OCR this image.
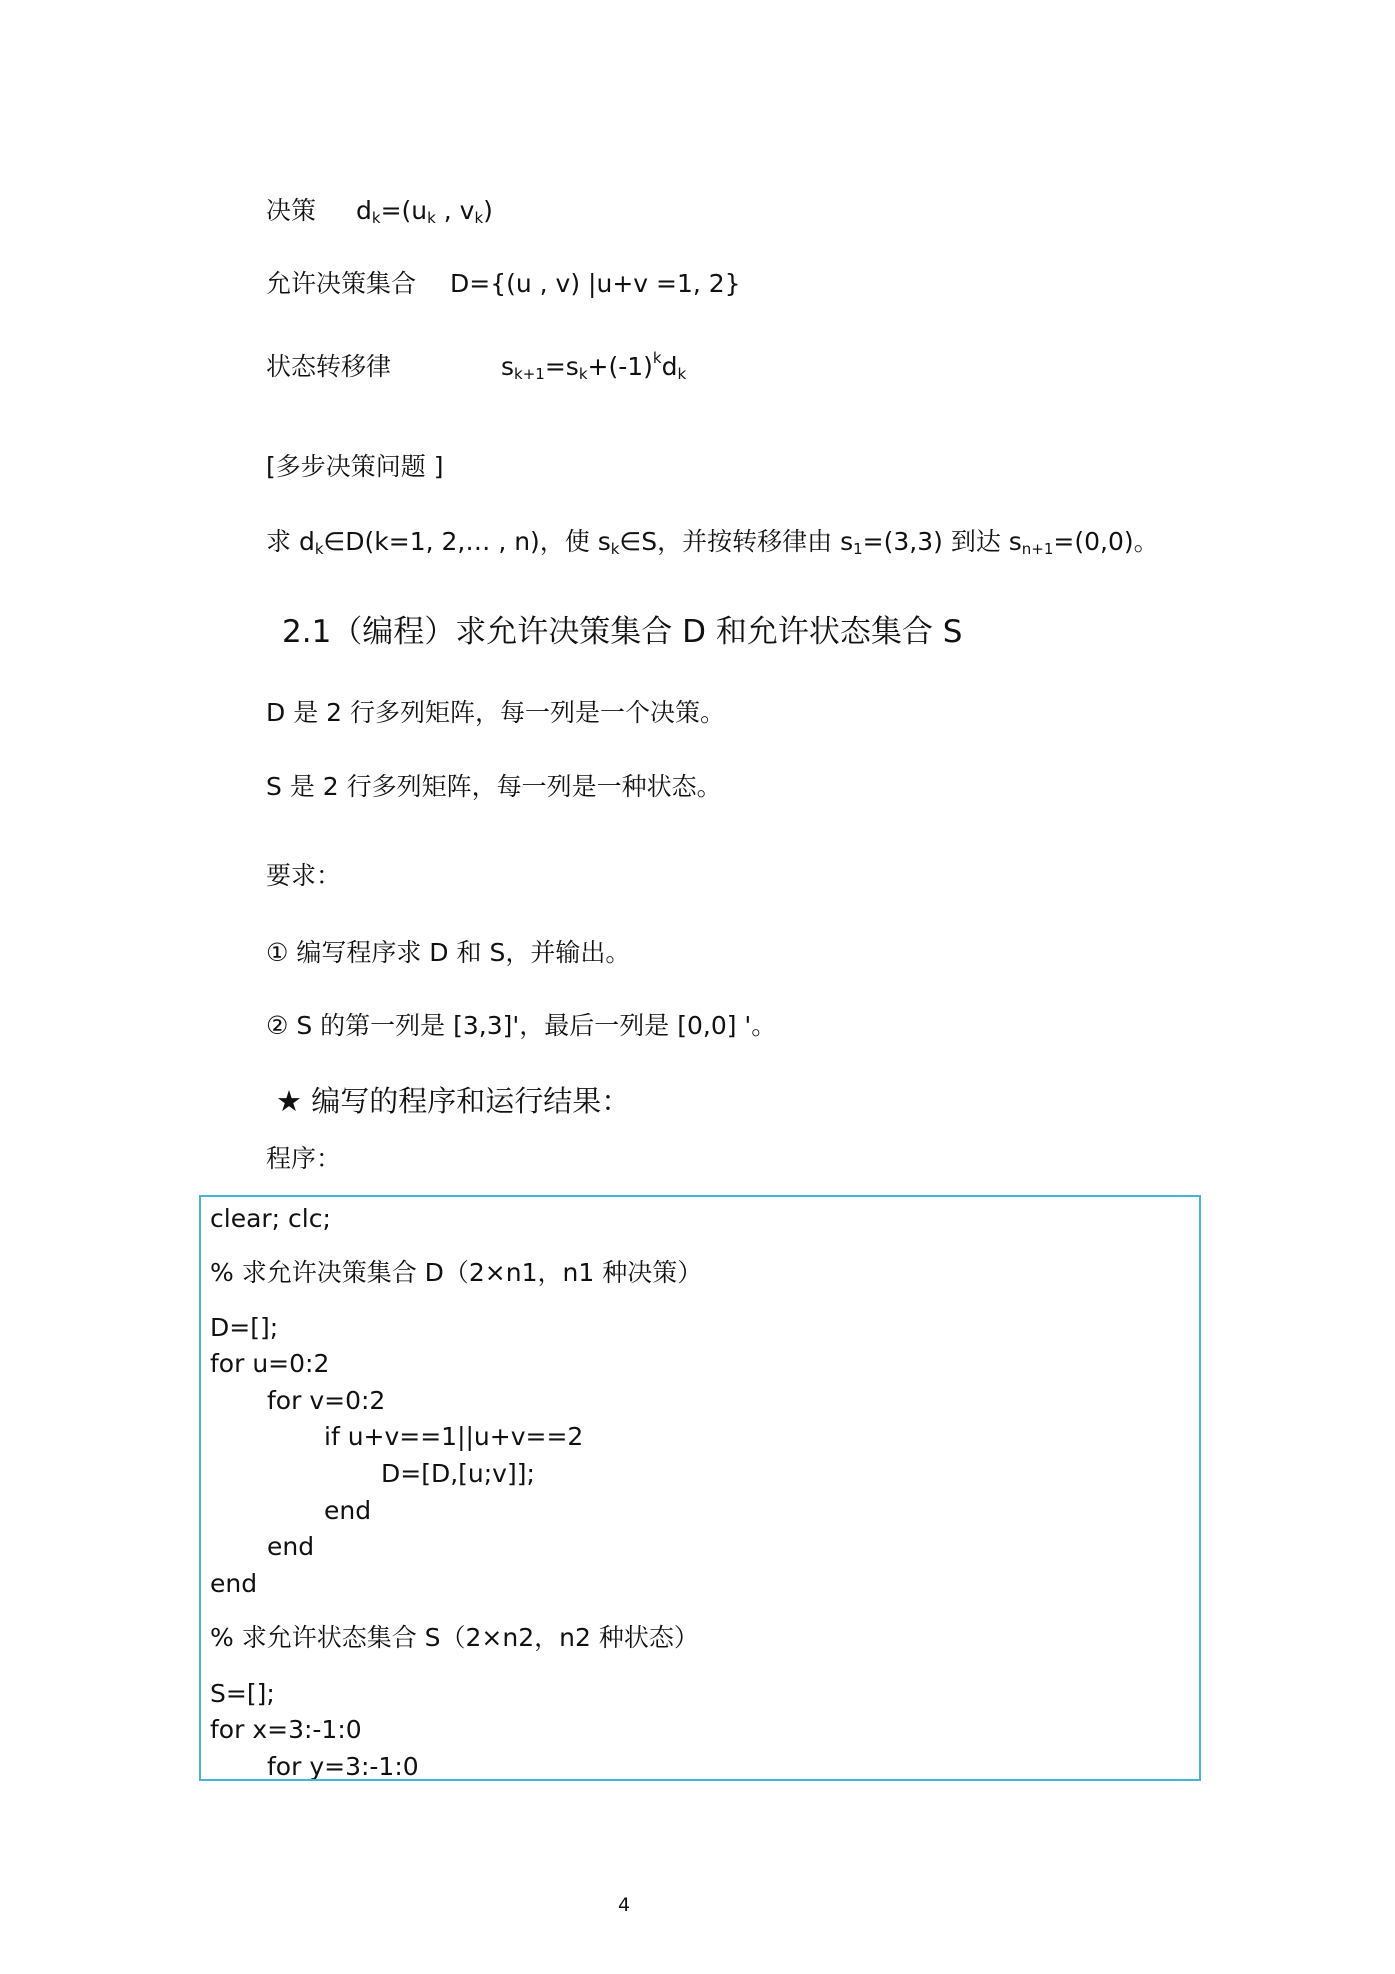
决策 $d_k=(u_k$ , $v_k$)
允许决策集合 D={(u , v) |u+v =1, 2}
状态转移律	$s_{k+1}=s_k+(-1)^kd_k$
[多步决策问题 ]
求 $d_k\in D(k=1$, 2,… , n)，使 $s_k\in S$，并按转移律由 $s_1=(3,3)$ 到达 $s_{n+1}=(0,0)$。
2.1（编程）求允许决策集合 D 和允许状态集合 S
D 是 2 行多列矩阵，每一列是一个决策。
S 是 2 行多列矩阵，每一列是一种状态。
要求：
① 编写程序求 D 和 S，并输出。
② S 的第一列是 [3,3]'，最后一列是 [0,0] '。
★ 编写的程序和运行结果：
程序：
clear; clc;
% 求允许决策集合 D（2×n1，n1 种决策）
D=[];
for u=0:2
for v=0:2
if u+v==1||u+v==2
D=[D,[u;v]];
end
end
end
% 求允许状态集合 S（2×n2，n2 种状态）
S=[];
for x=3:-1:0
for y=3:-1:0
4
